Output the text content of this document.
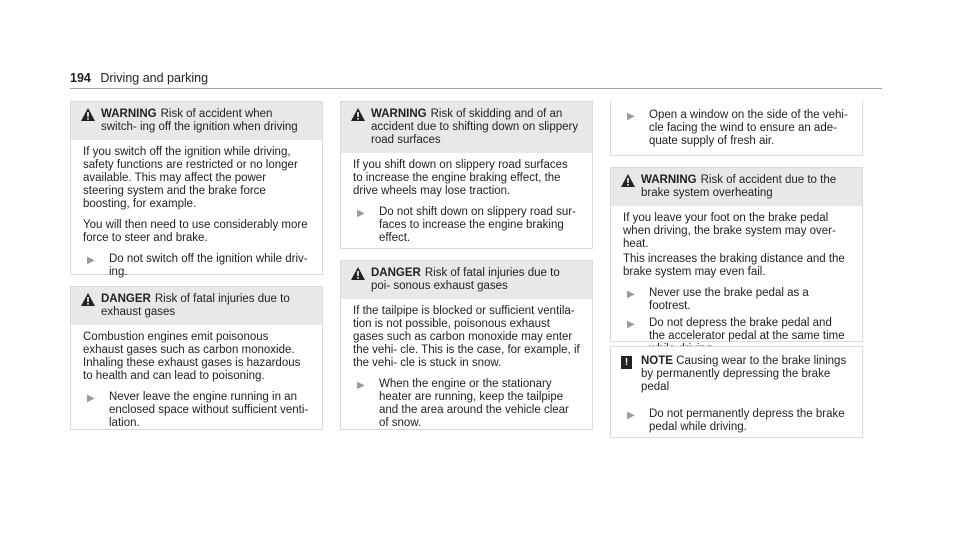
194 Driving and parking
WARNING Risk of accident when switch- ing off the ignition when driving

If you switch off the ignition while driving, safety functions are restricted or no longer available. This may affect the power steering system and the brake force boosting, for example.

You will then need to use considerably more force to steer and brake.

▶ Do not switch off the ignition while driv- ing.
DANGER Risk of fatal injuries due to exhaust gases

Combustion engines emit poisonous exhaust gases such as carbon monoxide. Inhaling these exhaust gases is hazardous to health and can lead to poisoning.

▶ Never leave the engine running in an enclosed space without sufficient venti- lation.
WARNING Risk of skidding and of an accident due to shifting down on slippery road surfaces

If you shift down on slippery road surfaces to increase the engine braking effect, the drive wheels may lose traction.

▶ Do not shift down on slippery road sur- faces to increase the engine braking effect.
DANGER Risk of fatal injuries due to poi- sonous exhaust gases

If the tailpipe is blocked or sufficient ventila- tion is not possible, poisonous exhaust gases such as carbon monoxide may enter the vehi- cle. This is the case, for example, if the vehi- cle is stuck in snow.

▶ When the engine or the stationary heater are running, keep the tailpipe and the area around the vehicle clear of snow.
▶ Open a window on the side of the vehi- cle facing the wind to ensure an ade- quate supply of fresh air.
WARNING Risk of accident due to the brake system overheating

If you leave your foot on the brake pedal when driving, the brake system may over- heat.

This increases the braking distance and the brake system may even fail.

▶ Never use the brake pedal as a footrest.
▶ Do not depress the brake pedal and the accelerator pedal at the same time
!	NOTE Causing wear to the brake linings by permanently depressing the brake pedal

▶ Do not permanently depress the brake pedal while driving.
